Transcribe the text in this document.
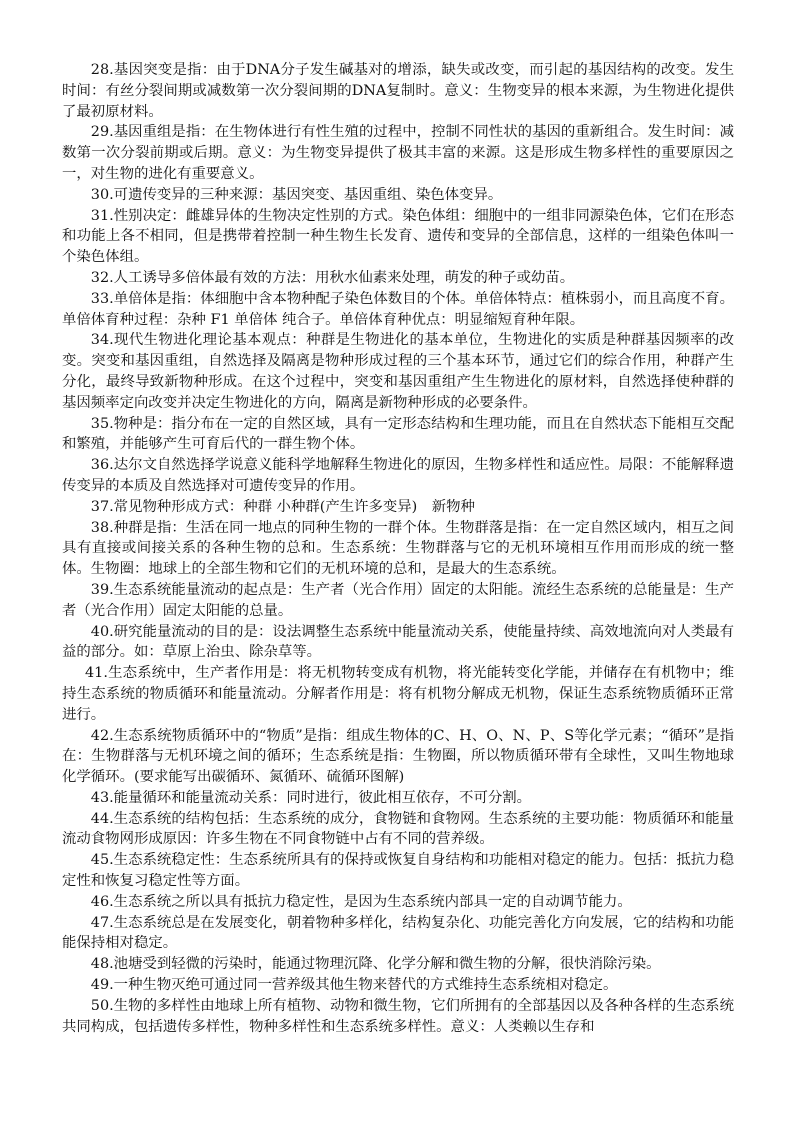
28.基因突变是指：由于DNA分子发生碱基对的增添，缺失或改变，而引起的基因结构的改变。发生时间：有丝分裂间期或减数第一次分裂间期的DNA复制时。意义：生物变异的根本来源，为生物进化提供了最初原材料。

29.基因重组是指：在生物体进行有性生殖的过程中，控制不同性状的基因的重新组合。发生时间：减数第一次分裂前期或后期。意义：为生物变异提供了极其丰富的来源。这是形成生物多样性的重要原因之一，对生物的进化有重要意义。

30.可遗传变异的三种来源：基因突变、基因重组、染色体变异。

31.性别决定：雌雄异体的生物决定性别的方式。染色体组：细胞中的一组非同源染色体，它们在形态和功能上各不相同，但是携带着控制一种生物生长发育、遗传和变异的全部信息，这样的一组染色体叫一个染色体组。

32.人工诱导多倍体最有效的方法：用秋水仙素来处理，萌发的种子或幼苗。

33.单倍体是指：体细胞中含本物种配子染色体数目的个体。单倍体特点：植株弱小，而且高度不育。单倍体育种过程：杂种 F1 单倍体 纯合子。单倍体育种优点：明显缩短育种年限。

34.现代生物进化理论基本观点：种群是生物进化的基本单位，生物进化的实质是种群基因频率的改变。突变和基因重组，自然选择及隔离是物种形成过程的三个基本环节，通过它们的综合作用，种群产生分化，最终导致新物种形成。在这个过程中，突变和基因重组产生生物进化的原材料，自然选择使种群的基因频率定向改变并决定生物进化的方向，隔离是新物种形成的必要条件。

35.物种是：指分布在一定的自然区域，具有一定形态结构和生理功能，而且在自然状态下能相互交配和繁殖，并能够产生可育后代的一群生物个体。

36.达尔文自然选择学说意义能科学地解释生物进化的原因，生物多样性和适应性。局限：不能解释遗传变异的本质及自然选择对可遗传变异的作用。

37.常见物种形成方式：种群 小种群(产生许多变异)　新物种

38.种群是指：生活在同一地点的同种生物的一群个体。生物群落是指：在一定自然区域内，相互之间具有直接或间接关系的各种生物的总和。生态系统：生物群落与它的无机环境相互作用而形成的统一整体。生物圈：地球上的全部生物和它们的无机环境的总和，是最大的生态系统。

39.生态系统能量流动的起点是：生产者（光合作用）固定的太阳能。流经生态系统的总能量是：生产者（光合作用）固定太阳能的总量。

40.研究能量流动的目的是：设法调整生态系统中能量流动关系，使能量持续、高效地流向对人类最有益的部分。如：草原上治虫、除杂草等。

41.生态系统中，生产者作用是：将无机物转变成有机物，将光能转变化学能，并储存在有机物中；维持生态系统的物质循环和能量流动。分解者作用是：将有机物分解成无机物，保证生态系统物质循环正常进行。

42.生态系统物质循环中的“物质”是指：组成生物体的C、H、O、N、P、S等化学元素；“循环”是指在：生物群落与无机环境之间的循环；生态系统是指：生物圈，所以物质循环带有全球性，又叫生物地球化学循环。(要求能写出碳循环、氮循环、硫循环图解)

43.能量循环和能量流动关系：同时进行，彼此相互依存，不可分割。

44.生态系统的结构包括：生态系统的成分，食物链和食物网。生态系统的主要功能：物质循环和能量流动食物网形成原因：许多生物在不同食物链中占有不同的营养级。

45.生态系统稳定性：生态系统所具有的保持或恢复自身结构和功能相对稳定的能力。包括：抵抗力稳定性和恢复习稳定性等方面。

46.生态系统之所以具有抵抗力稳定性，是因为生态系统内部具一定的自动调节能力。

47.生态系统总是在发展变化，朝着物种多样化，结构复杂化、功能完善化方向发展，它的结构和功能能保持相对稳定。

48.池塘受到轻微的污染时，能通过物理沉降、化学分解和微生物的分解，很快消除污染。

49.一种生物灭绝可通过同一营养级其他生物来替代的方式维持生态系统相对稳定。

50.生物的多样性由地球上所有植物、动物和微生物，它们所拥有的全部基因以及各种各样的生态系统共同构成，包括遗传多样性，物种多样性和生态系统多样性。意义：人类赖以生存和
